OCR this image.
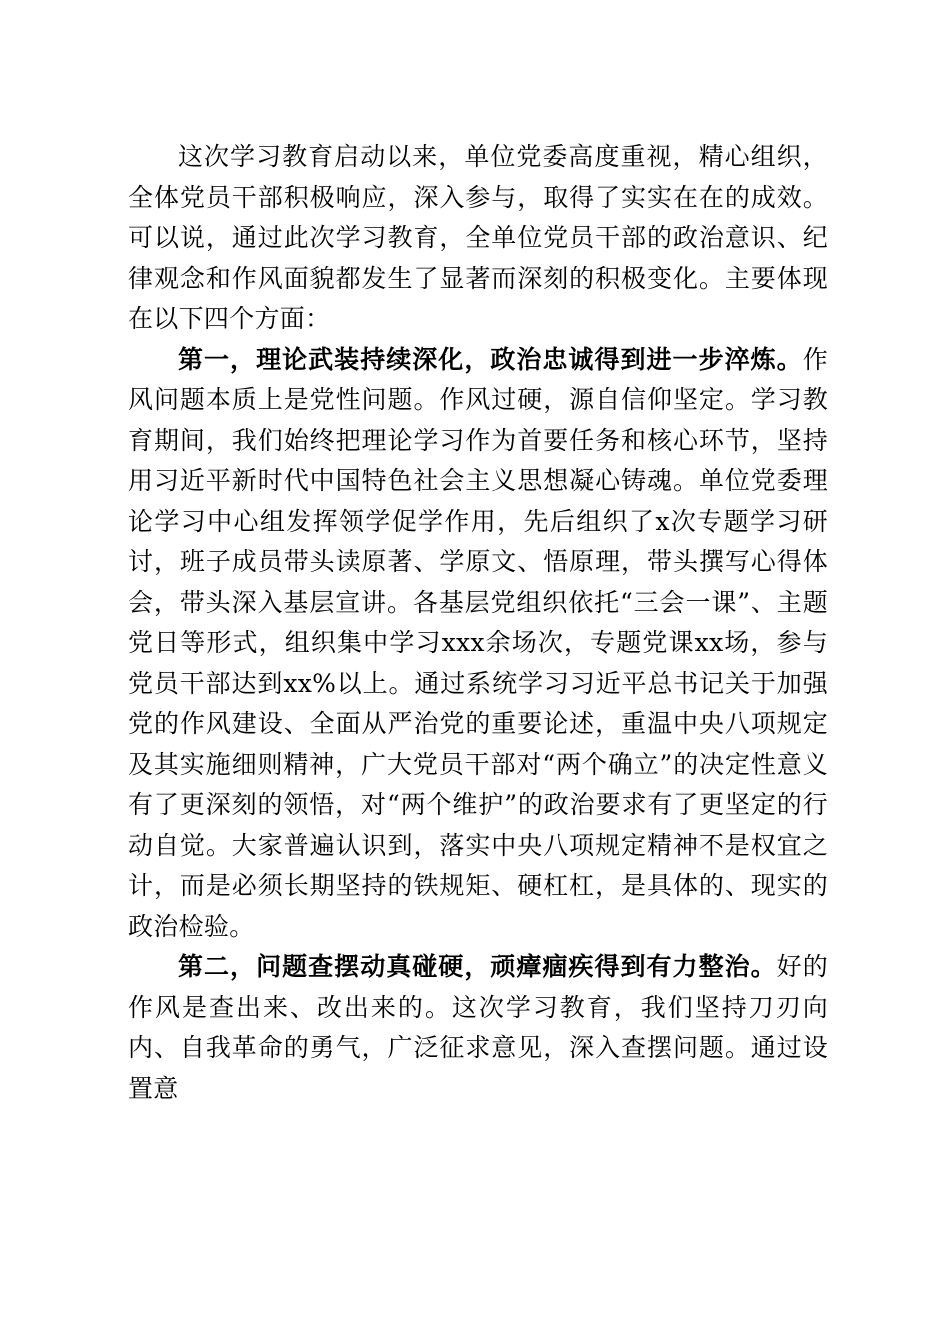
这次学习教育启动以来，单位党委高度重视，精心组织，全体党员干部积极响应，深入参与，取得了实实在在的成效。可以说，通过此次学习教育，全单位党员干部的政治意识、纪律观念和作风面貌都发生了显著而深刻的积极变化。主要体现在以下四个方面：

第一，理论武装持续深化，政治忠诚得到进一步淬炼。作风问题本质上是党性问题。作风过硬，源自信仰坚定。学习教育期间，我们始终把理论学习作为首要任务和核心环节，坚持用习近平新时代中国特色社会主义思想凝心铸魂。单位党委理论学习中心组发挥领学促学作用，先后组织了x次专题学习研讨，班子成员带头读原著、学原文、悟原理，带头撰写心得体会，带头深入基层宣讲。各基层党组织依托“三会一课”、主题党日等形式，组织集中学习xxx余场次，专题党课xx场，参与党员干部达到xx%以上。通过系统学习习近平总书记关于加强党的作风建设、全面从严治党的重要论述，重温中央八项规定及其实施细则精神，广大党员干部对“两个确立”的决定性意义有了更深刻的领悟，对“两个维护”的政治要求有了更坚定的行动自觉。大家普遍认识到，落实中央八项规定精神不是权宜之计，而是必须长期坚持的铁规矩、硬杠杠，是具体的、现实的政治检验。

第二，问题查摆动真碰硬，顽瘴痼疾得到有力整治。好的作风是查出来、改出来的。这次学习教育，我们坚持刀刃向内、自我革命的勇气，广泛征求意见，深入查摆问题。通过设置意
